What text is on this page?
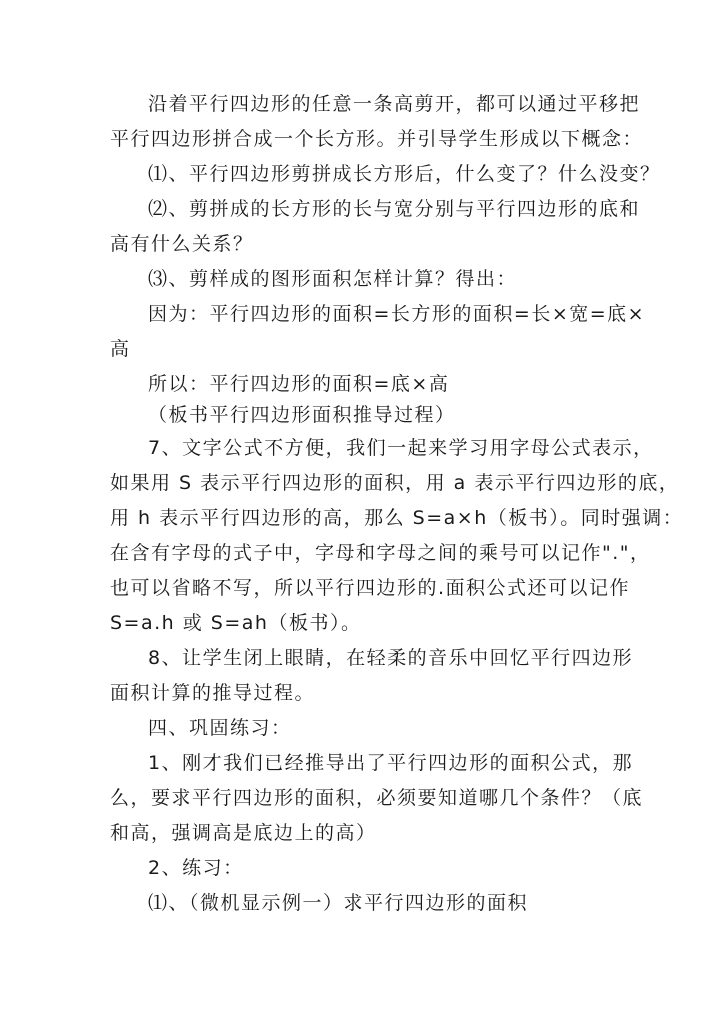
沿着平行四边形的任意一条高剪开，都可以通过平移把
平行四边形拼合成一个长方形。并引导学生形成以下概念：
⑴、平行四边形剪拼成长方形后，什么变了？什么没变？
⑵、剪拼成的长方形的长与宽分别与平行四边形的底和
高有什么关系？
⑶、剪样成的图形面积怎样计算？得出：
因为：平行四边形的面积=长方形的面积=长×宽=底×
高
所以：平行四边形的面积=底×高
（板书平行四边形面积推导过程）
7、文字公式不方便，我们一起来学习用字母公式表示，
如果用 S 表示平行四边形的面积，用 a 表示平行四边形的底，
用 h 表示平行四边形的高，那么 S=a×h（板书）。同时强调：
在含有字母的式子中，字母和字母之间的乘号可以记作"."，
也可以省略不写，所以平行四边形的.面积公式还可以记作
S=a.h 或 S=ah（板书）。
8、让学生闭上眼睛，在轻柔的音乐中回忆平行四边形
面积计算的推导过程。
四、巩固练习：
1、刚才我们已经推导出了平行四边形的面积公式，那
么，要求平行四边形的面积，必须要知道哪几个条件？（底
和高，强调高是底边上的高）
2、练习：
⑴、（微机显示例一）求平行四边形的面积
